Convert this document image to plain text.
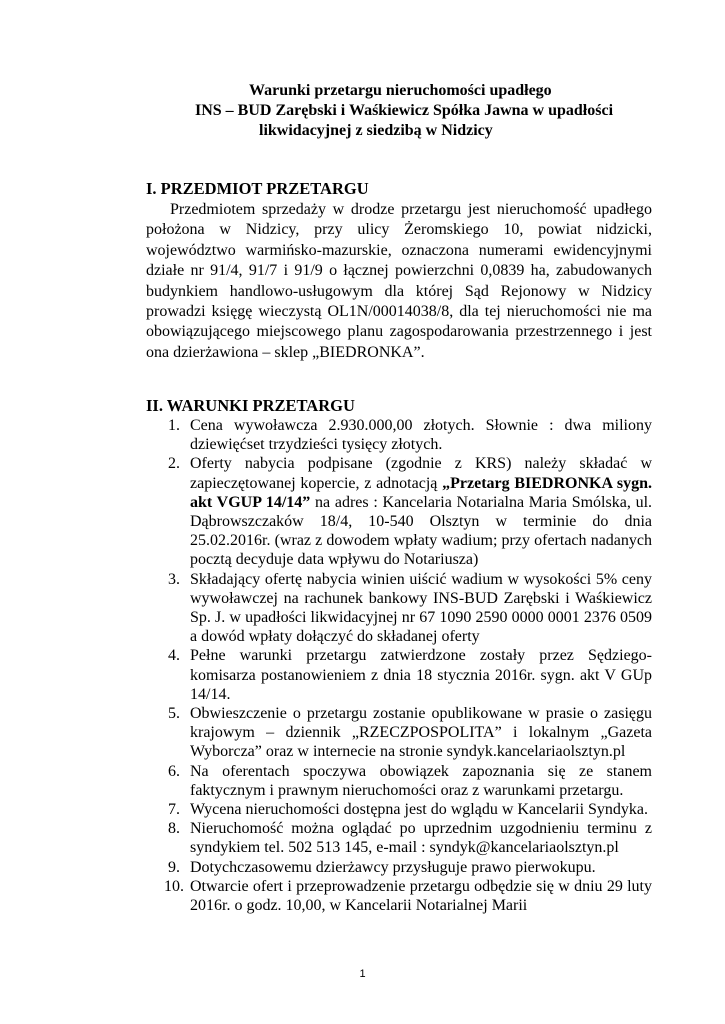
Warunki przetargu nieruchomości upadłego
INS – BUD Zarębski i Waśkiewicz Spółka Jawna w upadłości
likwidacyjnej z siedzibą w Nidzicy
I. PRZEDMIOT PRZETARGU
Przedmiotem sprzedaży w drodze przetargu jest nieruchomość upadłego położona w Nidzicy, przy ulicy Żeromskiego 10, powiat nidzicki, województwo warmińsko-mazurskie, oznaczona numerami ewidencyjnymi działe nr 91/4, 91/7 i 91/9 o łącznej powierzchni 0,0839 ha, zabudowanych budynkiem handlowo-usługowym dla której Sąd Rejonowy w Nidzicy prowadzi księgę wieczystą OL1N/00014038/8, dla tej nieruchomości nie ma obowiązującego miejscowego planu zagospodarowania przestrzennego i jest ona dzierżawiona – sklep „BIEDRONKA”.
II. WARUNKI PRZETARGU
1. Cena wywoławcza 2.930.000,00 złotych. Słownie : dwa miliony dziewięćset trzydzieści tysięcy złotych.
2. Oferty nabycia podpisane (zgodnie z KRS) należy składać w zapieczętowanej kopercie, z adnotacją „Przetarg BIEDRONKA sygn. akt VGUP 14/14” na adres : Kancelaria Notarialna Maria Smólska, ul. Dąbrowszczaków 18/4, 10-540 Olsztyn w terminie do dnia 25.02.2016r. (wraz z dowodem wpłaty wadium; przy ofertach nadanych pocztą decyduje data wpływu do Notariusza)
3. Składający ofertę nabycia winien uiścić wadium w wysokości 5% ceny wywoławczej na rachunek bankowy INS-BUD Zarębski i Waśkiewicz Sp. J. w upadłości likwidacyjnej nr 67 1090 2590 0000 0001 2376 0509 a dowód wpłaty dołączyć do składanej oferty
4. Pełne warunki przetargu zatwierdzone zostały przez Sędziego-komisarza postanowieniem z dnia 18 stycznia 2016r. sygn. akt V GUp 14/14.
5. Obwieszczenie o przetargu zostanie opublikowane w prasie o zasięgu krajowym – dziennik „RZECZPOSPOLITA” i lokalnym „Gazeta Wyborcza” oraz w internecie na stronie syndyk.kancelariaolsztyn.pl
6. Na oferentach spoczywa obowiązek zapoznania się ze stanem faktycznym i prawnym nieruchomości oraz z warunkami przetargu.
7. Wycena nieruchomości dostępna jest do wglądu w Kancelarii Syndyka.
8. Nieruchomość można oglądać po uprzednim uzgodnieniu terminu z syndykiem tel. 502 513 145, e-mail : syndyk@kancelariaolsztyn.pl
9. Dotychczasowemu dzierżawcy przysługuje prawo pierwokupu.
10. Otwarcie ofert i przeprowadzenie przetargu odbędzie się w dniu 29 luty 2016r. o godz. 10,00, w Kancelarii Notarialnej Marii
1
